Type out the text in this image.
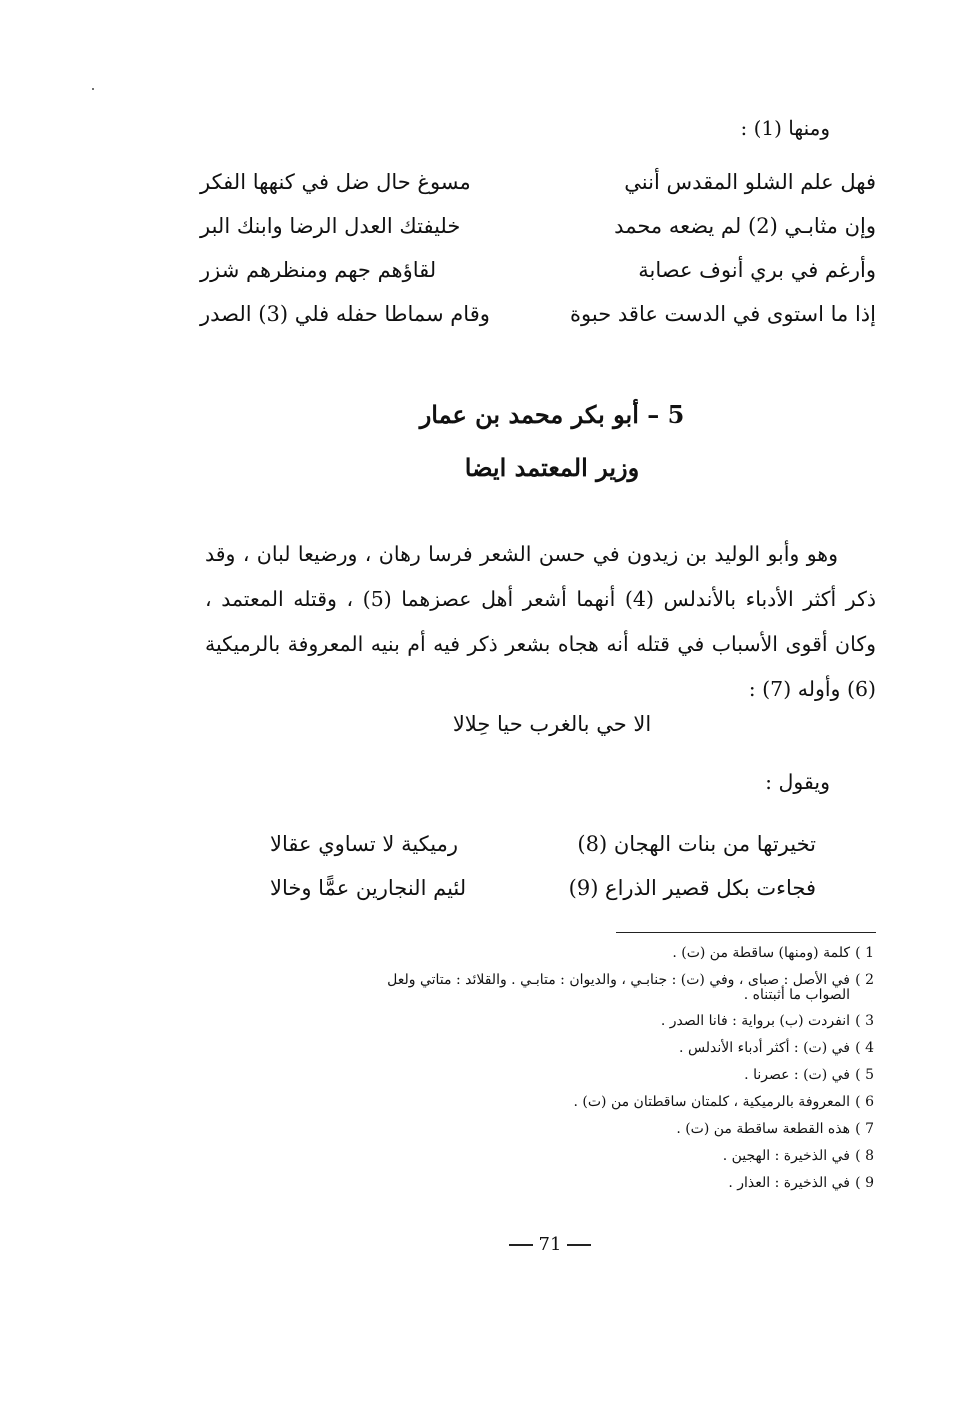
ومنها (1) :
فهل علم الشلو المقدس أنني
مسوغ حال ضل في كنهها الفكر
وإن مثابـي (2) لم يضعه محمد
خليفتك العدل الرضا وابنك البر
وأرغم في بري أنوف عصابة
لقاؤهم جهم ومنظرهم شزر
إذا ما استوى في الدست عاقد حبوة
وقام سماطا حفله فلي (3) الصدر
5 – أبو بكر محمد بن عمار
وزير المعتمد ايضا
وهو وأبو الوليد بن زيدون في حسن الشعر فرسا رهان ، ورضيعا لبان ، وقد ذكر أكثر الأدباء بالأندلس (4) أنهما أشعر أهل عصزهما (5) ، وقتله المعتمد ، وكان أقوى الأسباب في قتله أنه هجاه بشعر ذكر فيه أم بنيه المعروفة بالرميكية (6) وأوله (7) :
الا حي بالغرب حيا حِلالا
ويقول :
تخيرتها من بنات الهجان (8)
رميكية لا تساوي عقالا
فجاءت بكل قصير الذراع (9)
لئيم النجارين عمًّا وخالا
1 )كلمة (ومنها) ساقطة من (ت) .
2 )في الأصل : صباى ، وفي (ت) : جنابـي ، والديوان : متابـي . والقلائد : متاتي ولعل
الصواب ما أثبتناه .
3 )انفردت (ب) برواية : فانا الصدر .
4 )في (ت) : أكثر أدباء الأندلس .
5 )في (ت) : عصرنا .
6 )المعروفة بالرميكية ، كلمتان ساقطتان من (ت) .
7 )هذه القطعة ساقطة من (ت) .
8 )في الذخيرة : الهجين .
9 )في الذخيرة : العذار .
71
